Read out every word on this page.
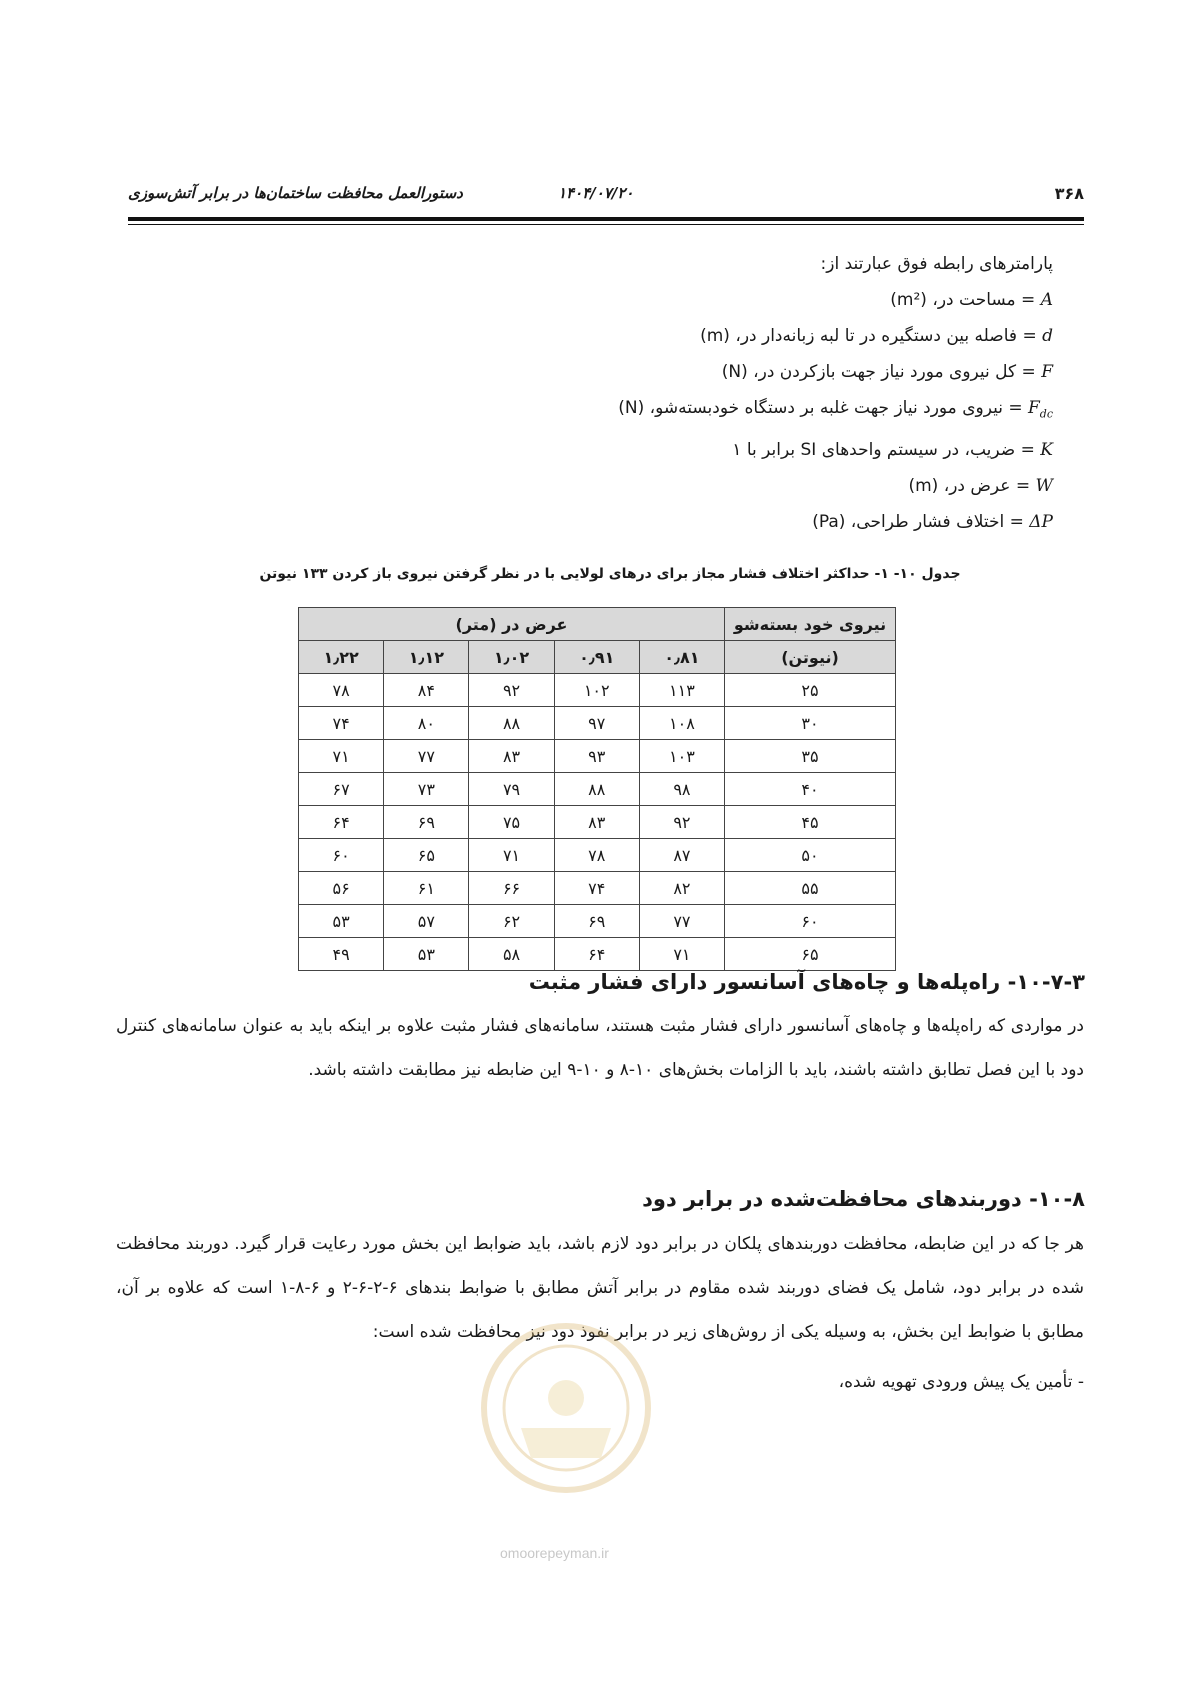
۳۶۸
۱۴۰۴/۰۷/۲۰
دستورالعمل محافظت ساختمان‌ها در برابر آتش‌سوزی
پارامترهای رابطه فوق عبارتند از:
A = مساحت در، (m²)
d = فاصله بین دستگیره در تا لبه زبانه‌دار در، (m)
F = کل نیروی مورد نیاز جهت بازکردن در، (N)
$F_{dc}$ = نیروی مورد نیاز جهت غلبه بر دستگاه خودبسته‌شو، (N)
K = ضریب، در سیستم واحدهای SI برابر با ۱
W = عرض در، (m)
ΔP = اختلاف فشار طراحی، (Pa)
جدول ۱۰- ۱- حداکثر اختلاف فشار مجاز برای درهای لولایی با در نظر گرفتن نیروی باز کردن ۱۳۳ نیوتن
نیروی خود بسته‌شو	عرض در (متر)				
(نیوتن)	۰٫۸۱	۰٫۹۱	۱٫۰۲	۱٫۱۲	۱٫۲۲
۲۵	۱۱۳	۱۰۲	۹۲	۸۴	۷۸
۳۰	۱۰۸	۹۷	۸۸	۸۰	۷۴
۳۵	۱۰۳	۹۳	۸۳	۷۷	۷۱
۴۰	۹۸	۸۸	۷۹	۷۳	۶۷
۴۵	۹۲	۸۳	۷۵	۶۹	۶۴
۵۰	۸۷	۷۸	۷۱	۶۵	۶۰
۵۵	۸۲	۷۴	۶۶	۶۱	۵۶
۶۰	۷۷	۶۹	۶۲	۵۷	۵۳
۶۵	۷۱	۶۴	۵۸	۵۳	۴۹
۱۰-۷-۳- راه‌پله‌ها و چاه‌های آسانسور دارای فشار مثبت

در مواردی که راه‌پله‌ها و چاه‌های آسانسور دارای فشار مثبت هستند، سامانه‌های فشار مثبت علاوه بر اینکه باید به عنوان سامانه‌های کنترل دود با این فصل تطابق داشته باشند، باید با الزامات بخش‌های ۱۰-۸ و ۱۰-۹ این ضابطه نیز مطابقت داشته باشد.

۱۰-۸- دوربندهای محافظت‌شده در برابر دود

هر جا که در این ضابطه، محافظت دوربندهای پلکان در برابر دود لازم باشد، باید ضوابط این بخش مورد رعایت قرار گیرد. دوربند محافظت شده در برابر دود، شامل یک فضای دوربند شده مقاوم در برابر آتش مطابق با ضوابط بندهای ۶-۲-۶-۲ و ۶-۸-۱ است که علاوه بر آن، مطابق با ضوابط این بخش، به وسیله یکی از روش‌های زیر در برابر نفوذ دود نیز محافظت شده است:

- تأمین یک پیش ورودی تهویه شده،

omoorepeyman.ir
